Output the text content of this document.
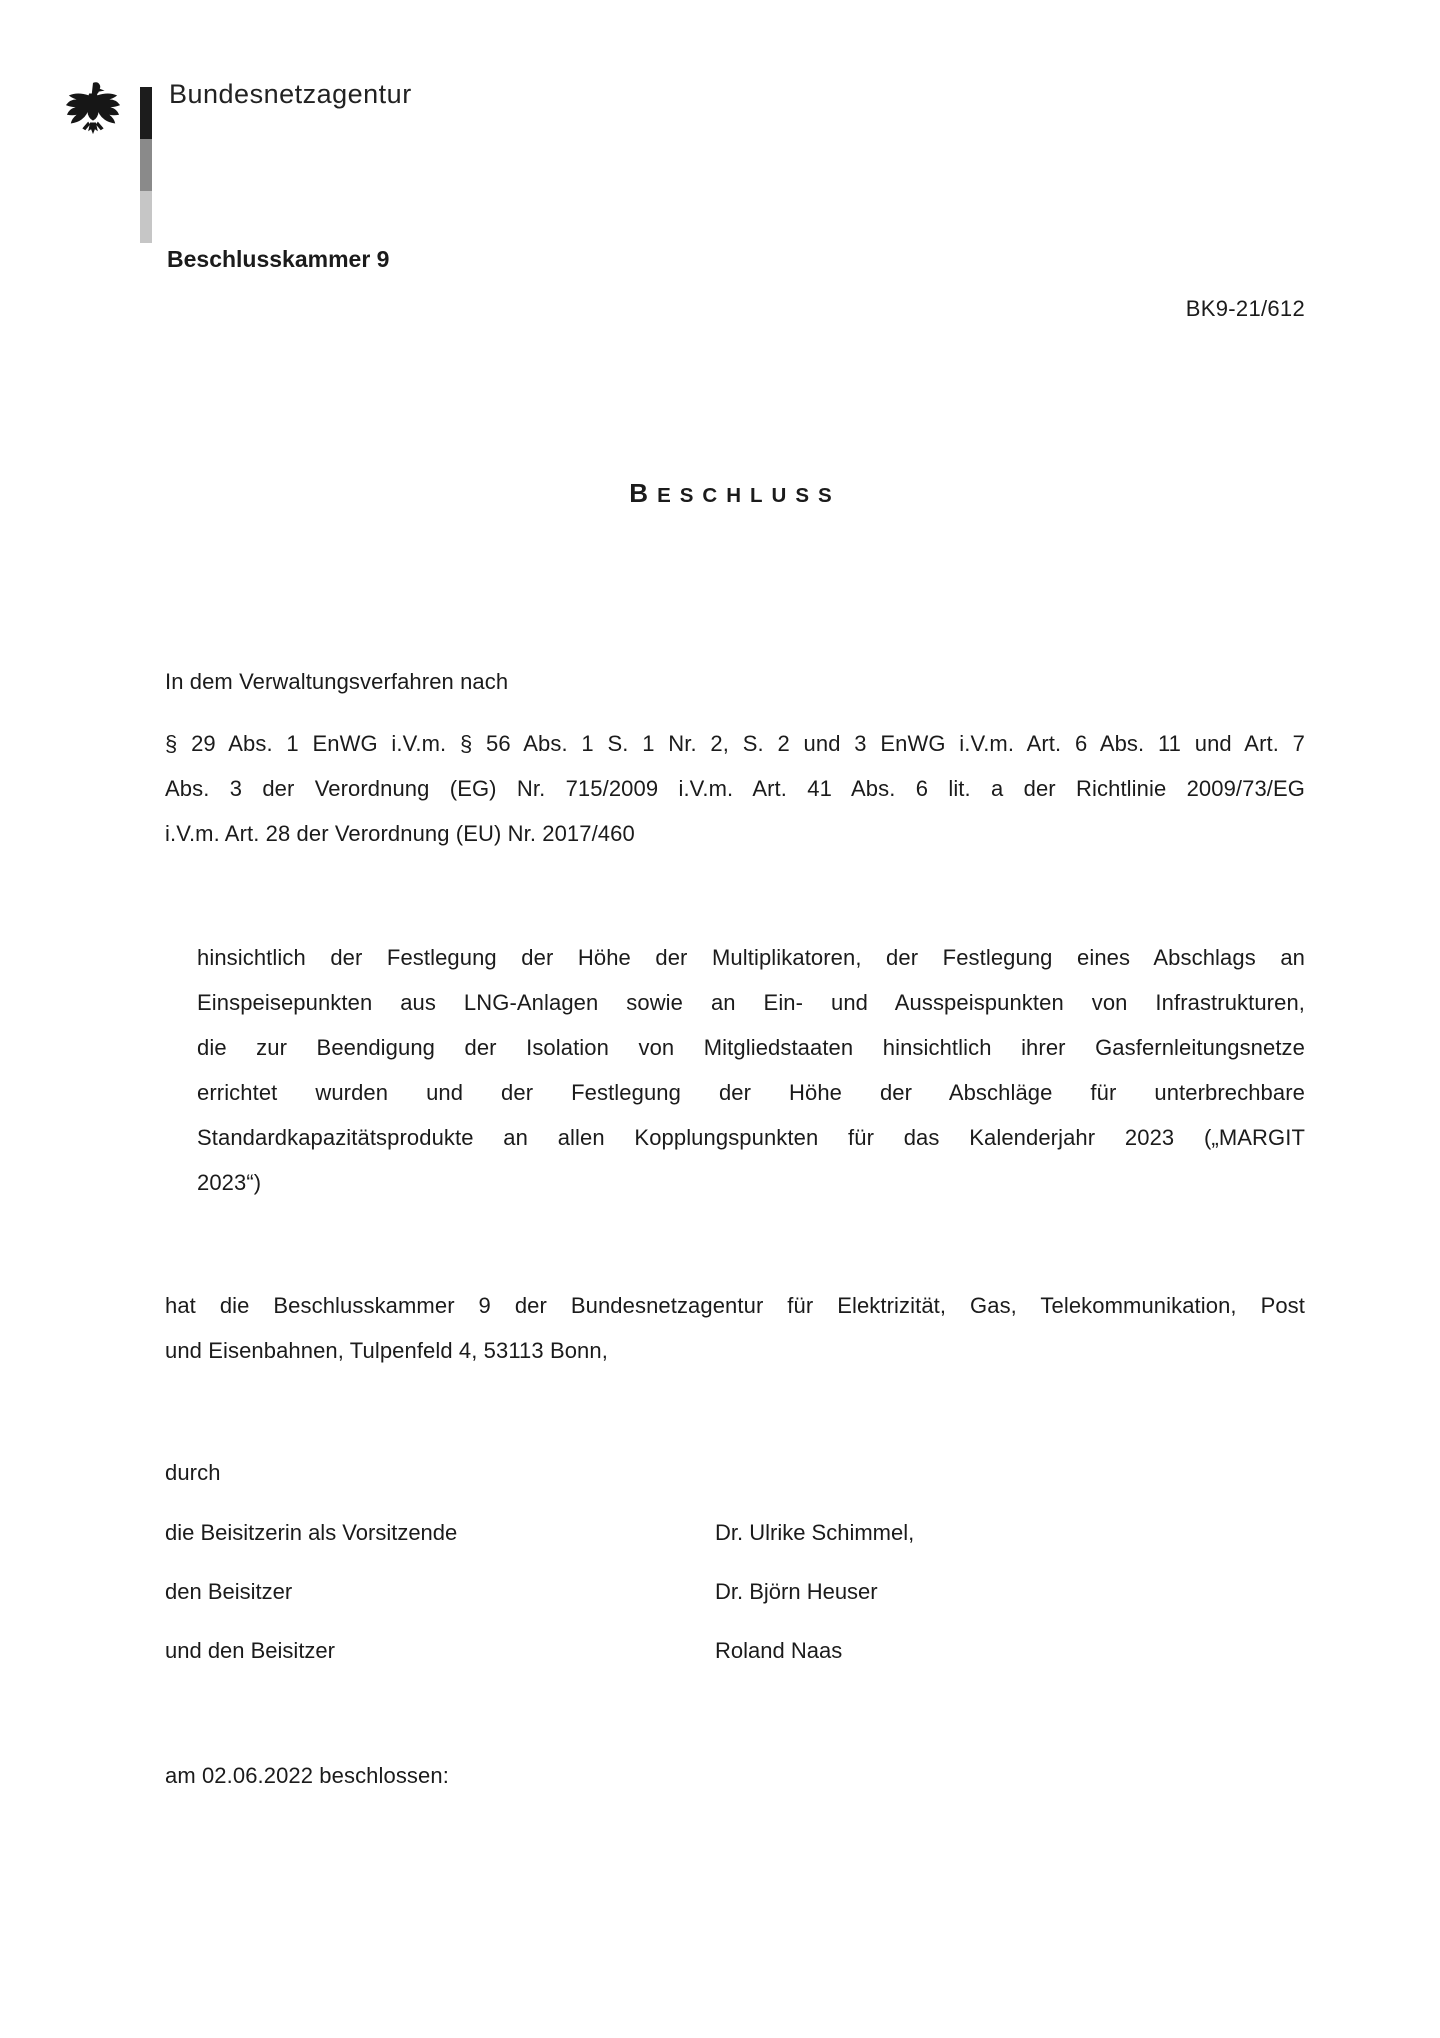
Bundesnetzagentur
Beschlusskammer 9
BK9-21/612
BESCHLUSS
In dem Verwaltungsverfahren nach
§ 29 Abs. 1 EnWG i.V.m. § 56 Abs. 1 S. 1 Nr. 2, S. 2 und 3 EnWG i.V.m. Art. 6 Abs. 11 und Art. 7
Abs. 3 der Verordnung (EG) Nr. 715/2009 i.V.m. Art. 41 Abs. 6 lit. a der Richtlinie 2009/73/EG
i.V.m. Art. 28 der Verordnung (EU) Nr. 2017/460
hinsichtlich der Festlegung der Höhe der Multiplikatoren, der Festlegung eines Abschlags an
Einspeisepunkten aus LNG-Anlagen sowie an Ein- und Ausspeispunkten von Infrastrukturen,
die zur Beendigung der Isolation von Mitgliedstaaten hinsichtlich ihrer Gasfernleitungsnetze
errichtet wurden und der Festlegung der Höhe der Abschläge für unterbrechbare
Standardkapazitätsprodukte an allen Kopplungspunkten für das Kalenderjahr 2023 („MARGIT
2023“)
hat die Beschlusskammer 9 der Bundesnetzagentur für Elektrizität, Gas, Telekommunikation, Post
und Eisenbahnen, Tulpenfeld 4, 53113 Bonn,
durch
die Beisitzerin als Vorsitzende	Dr. Ulrike Schimmel,
den Beisitzer	Dr. Björn Heuser
und den Beisitzer	Roland Naas
am 02.06.2022 beschlossen:
